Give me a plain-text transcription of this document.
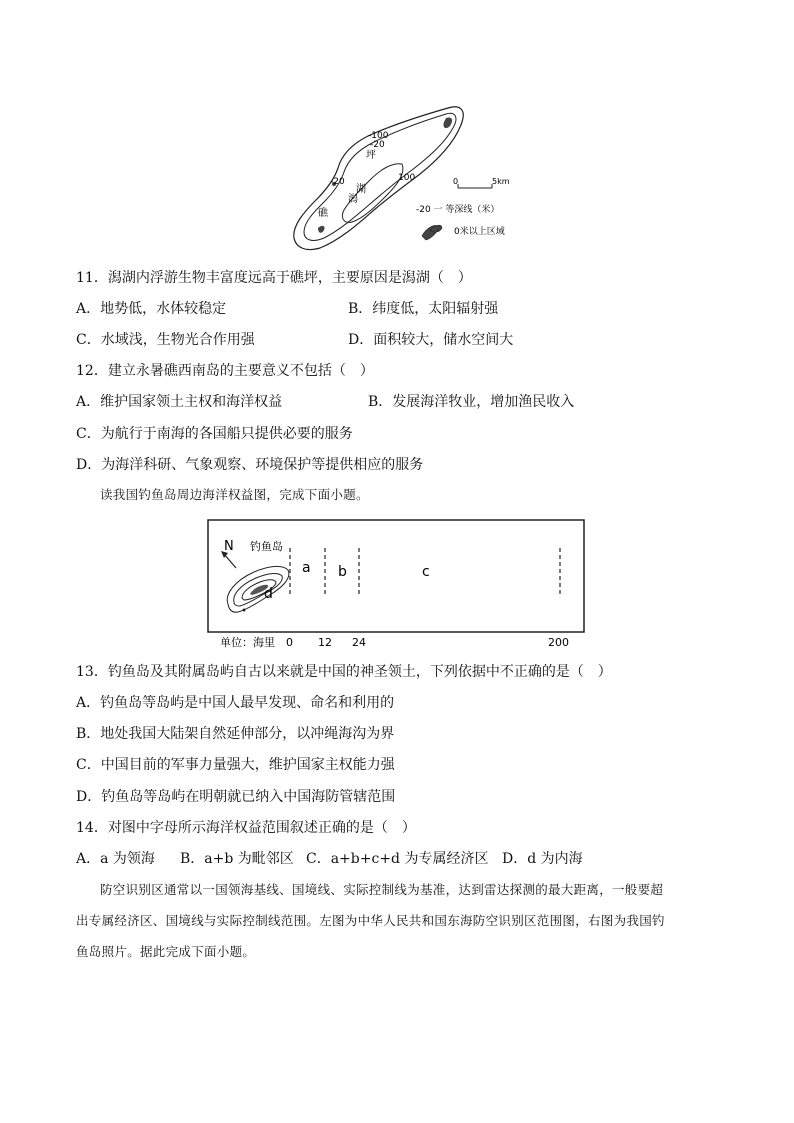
-100
-20
-20	100
坪
潟
湖
礁
0	5km
-20 一 等深线（米）
0米以上区域
11．潟湖内浮游生物丰富度远高于礁坪，主要原因是潟湖（　）
A．地势低，水体较稳定	B．纬度低，太阳辐射强
C．水域浅，生物光合作用强	D．面积较大，储水空间大
12．建立永暑礁西南岛的主要意义不包括（　）
A．维护国家领土主权和海洋权益	B．发展海洋牧业，增加渔民收入
C．为航行于南海的各国船只提供必要的服务
D．为海洋科研、气象观察、环境保护等提供相应的服务
读我国钓鱼岛周边海洋权益图，完成下面小题。
N 钓鱼岛
a b	c
d
单位：海里 0 12 24	200
13．钓鱼岛及其附属岛屿自古以来就是中国的神圣领土，下列依据中不正确的是（　）
A．钓鱼岛等岛屿是中国人最早发现、命名和利用的
B．地处我国大陆架自然延伸部分，以冲绳海沟为界
C．中国目前的军事力量强大，维护国家主权能力强
D．钓鱼岛等岛屿在明朝就已纳入中国海防管辖范围
14．对图中字母所示海洋权益范围叙述正确的是（　）
A．a 为领海 B．a+b 为毗邻区 C．a+b+c+d 为专属经济区 D．d 为内海
防空识别区通常以一国领海基线、国境线、实际控制线为基准，达到雷达探测的最大距离，一般要超
出专属经济区、国境线与实际控制线范围。左图为中华人民共和国东海防空识别区范围图，右图为我国钓
鱼岛照片。据此完成下面小题。
